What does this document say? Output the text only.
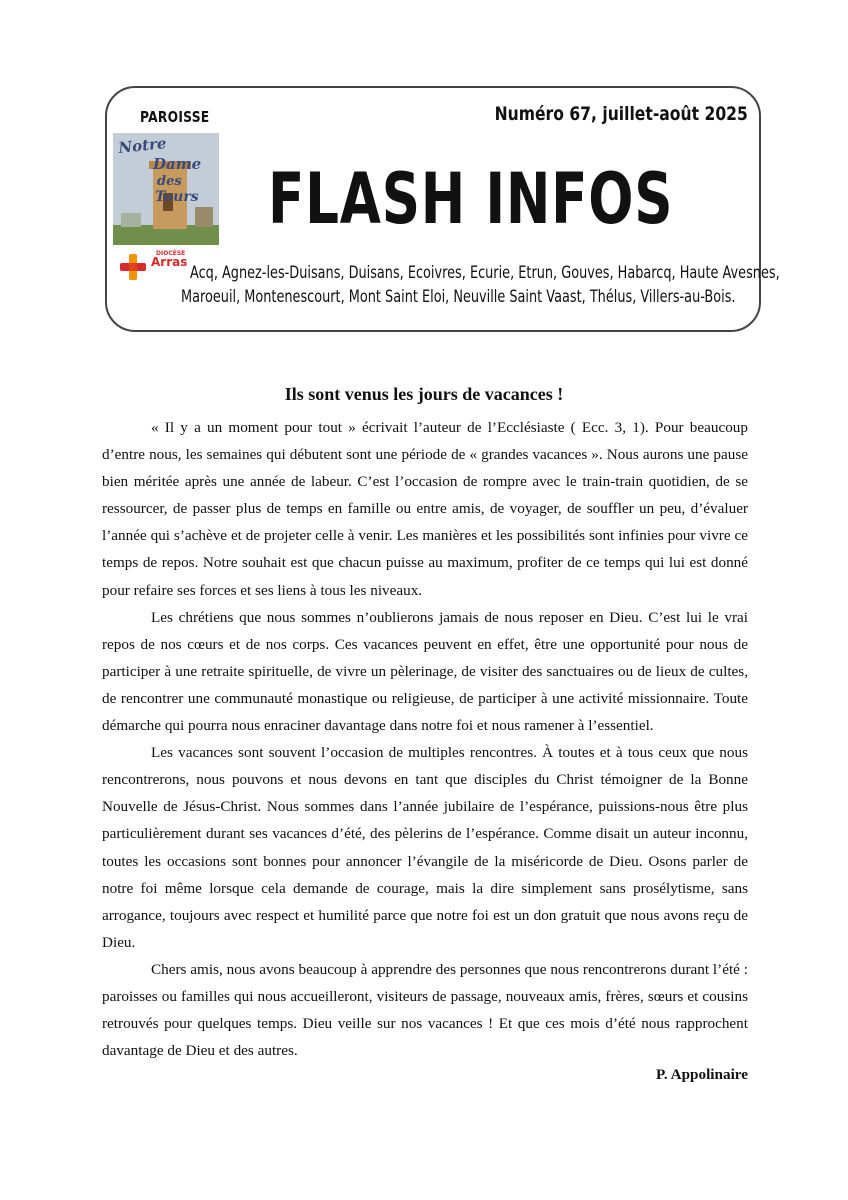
PAROISSE	Numéro 67, juillet-août 2025
Notre
Dame
des
Tours FLASH INFOS
DIOCÈSE
Arras
Acq, Agnez-les-Duisans, Duisans, Ecoivres, Ecurie, Etrun, Gouves, Habarcq, Haute Avesnes,
Maroeuil, Montenescourt, Mont Saint Eloi, Neuville Saint Vaast, Thélus, Villers-au-Bois.
Ils sont venus les jours de vacances !

« Il y a un moment pour tout » écrivait l’auteur de l’Ecclésiaste ( Ecc. 3, 1). Pour beaucoup d’entre nous, les semaines qui débutent sont une période de « grandes vacances ». Nous aurons une pause bien méritée après une année de labeur. C’est l’occasion de rompre avec le train-train quotidien, de se ressourcer, de passer plus de temps en famille ou entre amis, de voyager, de souffler un peu, d’évaluer l’année qui s’achève et de projeter celle à venir. Les manières et les possibilités sont infinies pour vivre ce temps de repos. Notre souhait est que chacun puisse au maximum, profiter de ce temps qui lui est donné pour refaire ses forces et ses liens à tous les niveaux.

Les chrétiens que nous sommes n’oublierons jamais de nous reposer en Dieu. C’est lui le vrai repos de nos cœurs et de nos corps. Ces vacances peuvent en effet, être une opportunité pour nous de participer à une retraite spirituelle, de vivre un pèlerinage, de visiter des sanctuaires ou de lieux de cultes, de rencontrer une communauté monastique ou religieuse, de participer à une activité missionnaire. Toute démarche qui pourra nous enraciner davantage dans notre foi et nous ramener à l’essentiel.

Les vacances sont souvent l’occasion de multiples rencontres. À toutes et à tous ceux que nous rencontrerons, nous pouvons et nous devons en tant que disciples du Christ témoigner de la Bonne Nouvelle de Jésus-Christ. Nous sommes dans l’année jubilaire de l’espérance, puissions-nous être plus particulièrement durant ses vacances d’été, des pèlerins de l’espérance. Comme disait un auteur inconnu, toutes les occasions sont bonnes pour annoncer l’évangile de la miséricorde de Dieu. Osons parler de notre foi même lorsque cela demande de courage, mais la dire simplement sans prosélytisme, sans arrogance, toujours avec respect et humilité parce que notre foi est un don gratuit que nous avons reçu de Dieu.

Chers amis, nous avons beaucoup à apprendre des personnes que nous rencontrerons durant l’été : paroisses ou familles qui nous accueilleront, visiteurs de passage, nouveaux amis, frères, sœurs et cousins retrouvés pour quelques temps. Dieu veille sur nos vacances ! Et que ces mois d’été nous rapprochent davantage de Dieu et des autres.

P. Appolinaire
